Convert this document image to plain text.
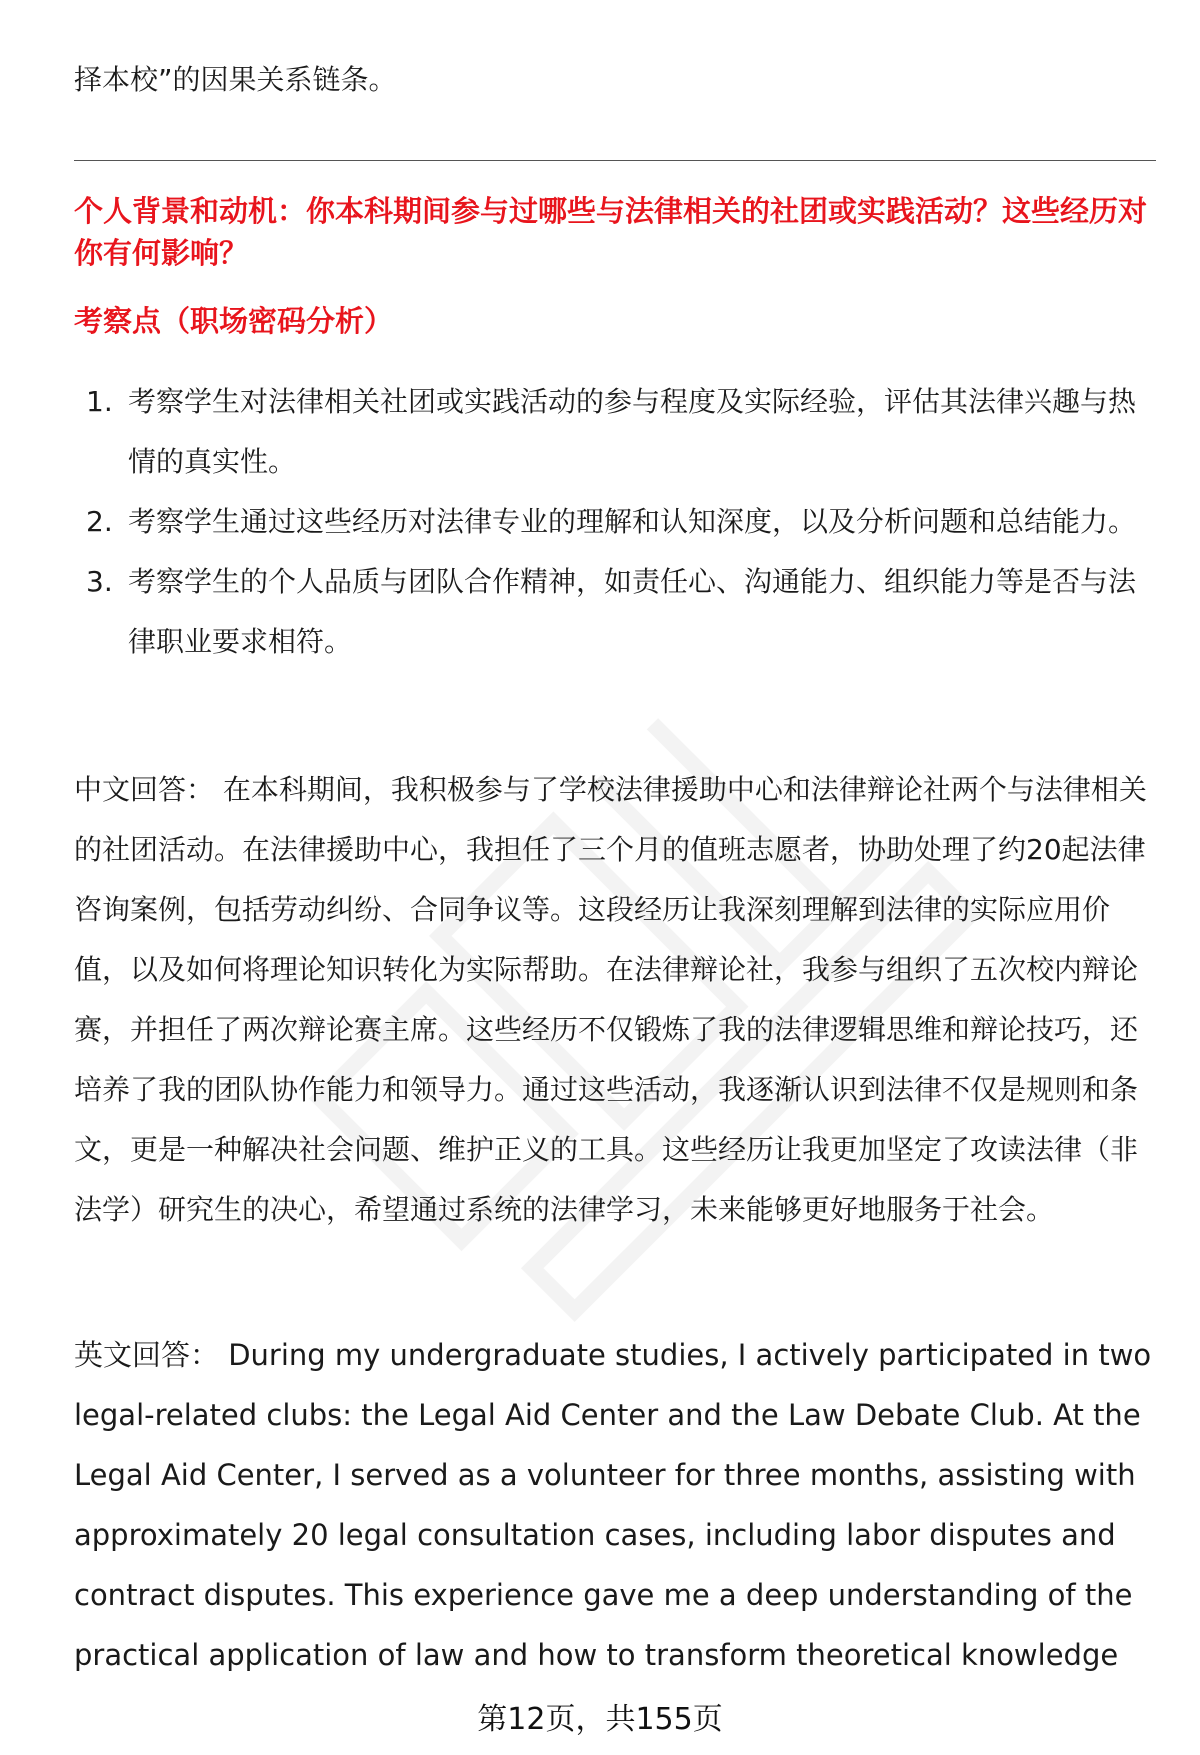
择本校”的因果关系链条。

个人背景和动机：你本科期间参与过哪些与法律相关的社团或实践活动？这些经历对你有何影响？

考察点（职场密码分析）

1. 考察学生对法律相关社团或实践活动的参与程度及实际经验，评估其法律兴趣与热情的真实性。
2. 考察学生通过这些经历对法律专业的理解和认知深度，以及分析问题和总结能力。
3. 考察学生的个人品质与团队合作精神，如责任心、沟通能力、组织能力等是否与法律职业要求相符。

中文回答： 在本科期间，我积极参与了学校法律援助中心和法律辩论社两个与法律相关的社团活动。在法律援助中心，我担任了三个月的值班志愿者，协助处理了约20起法律咨询案例，包括劳动纠纷、合同争议等。这段经历让我深刻理解到法律的实际应用价值，以及如何将理论知识转化为实际帮助。在法律辩论社，我参与组织了五次校内辩论赛，并担任了两次辩论赛主席。这些经历不仅锻炼了我的法律逻辑思维和辩论技巧，还培养了我的团队协作能力和领导力。通过这些活动，我逐渐认识到法律不仅是规则和条文，更是一种解决社会问题、维护正义的工具。这些经历让我更加坚定了攻读法律（非法学）研究生的决心，希望通过系统的法律学习，未来能够更好地服务于社会。

英文回答： During my undergraduate studies, I actively participated in two legal-related clubs: the Legal Aid Center and the Law Debate Club. At the Legal Aid Center, I served as a volunteer for three months, assisting with approximately 20 legal consultation cases, including labor disputes and contract disputes. This experience gave me a deep understanding of the practical application of law and how to transform theoretical knowledge

第12页，共155页
